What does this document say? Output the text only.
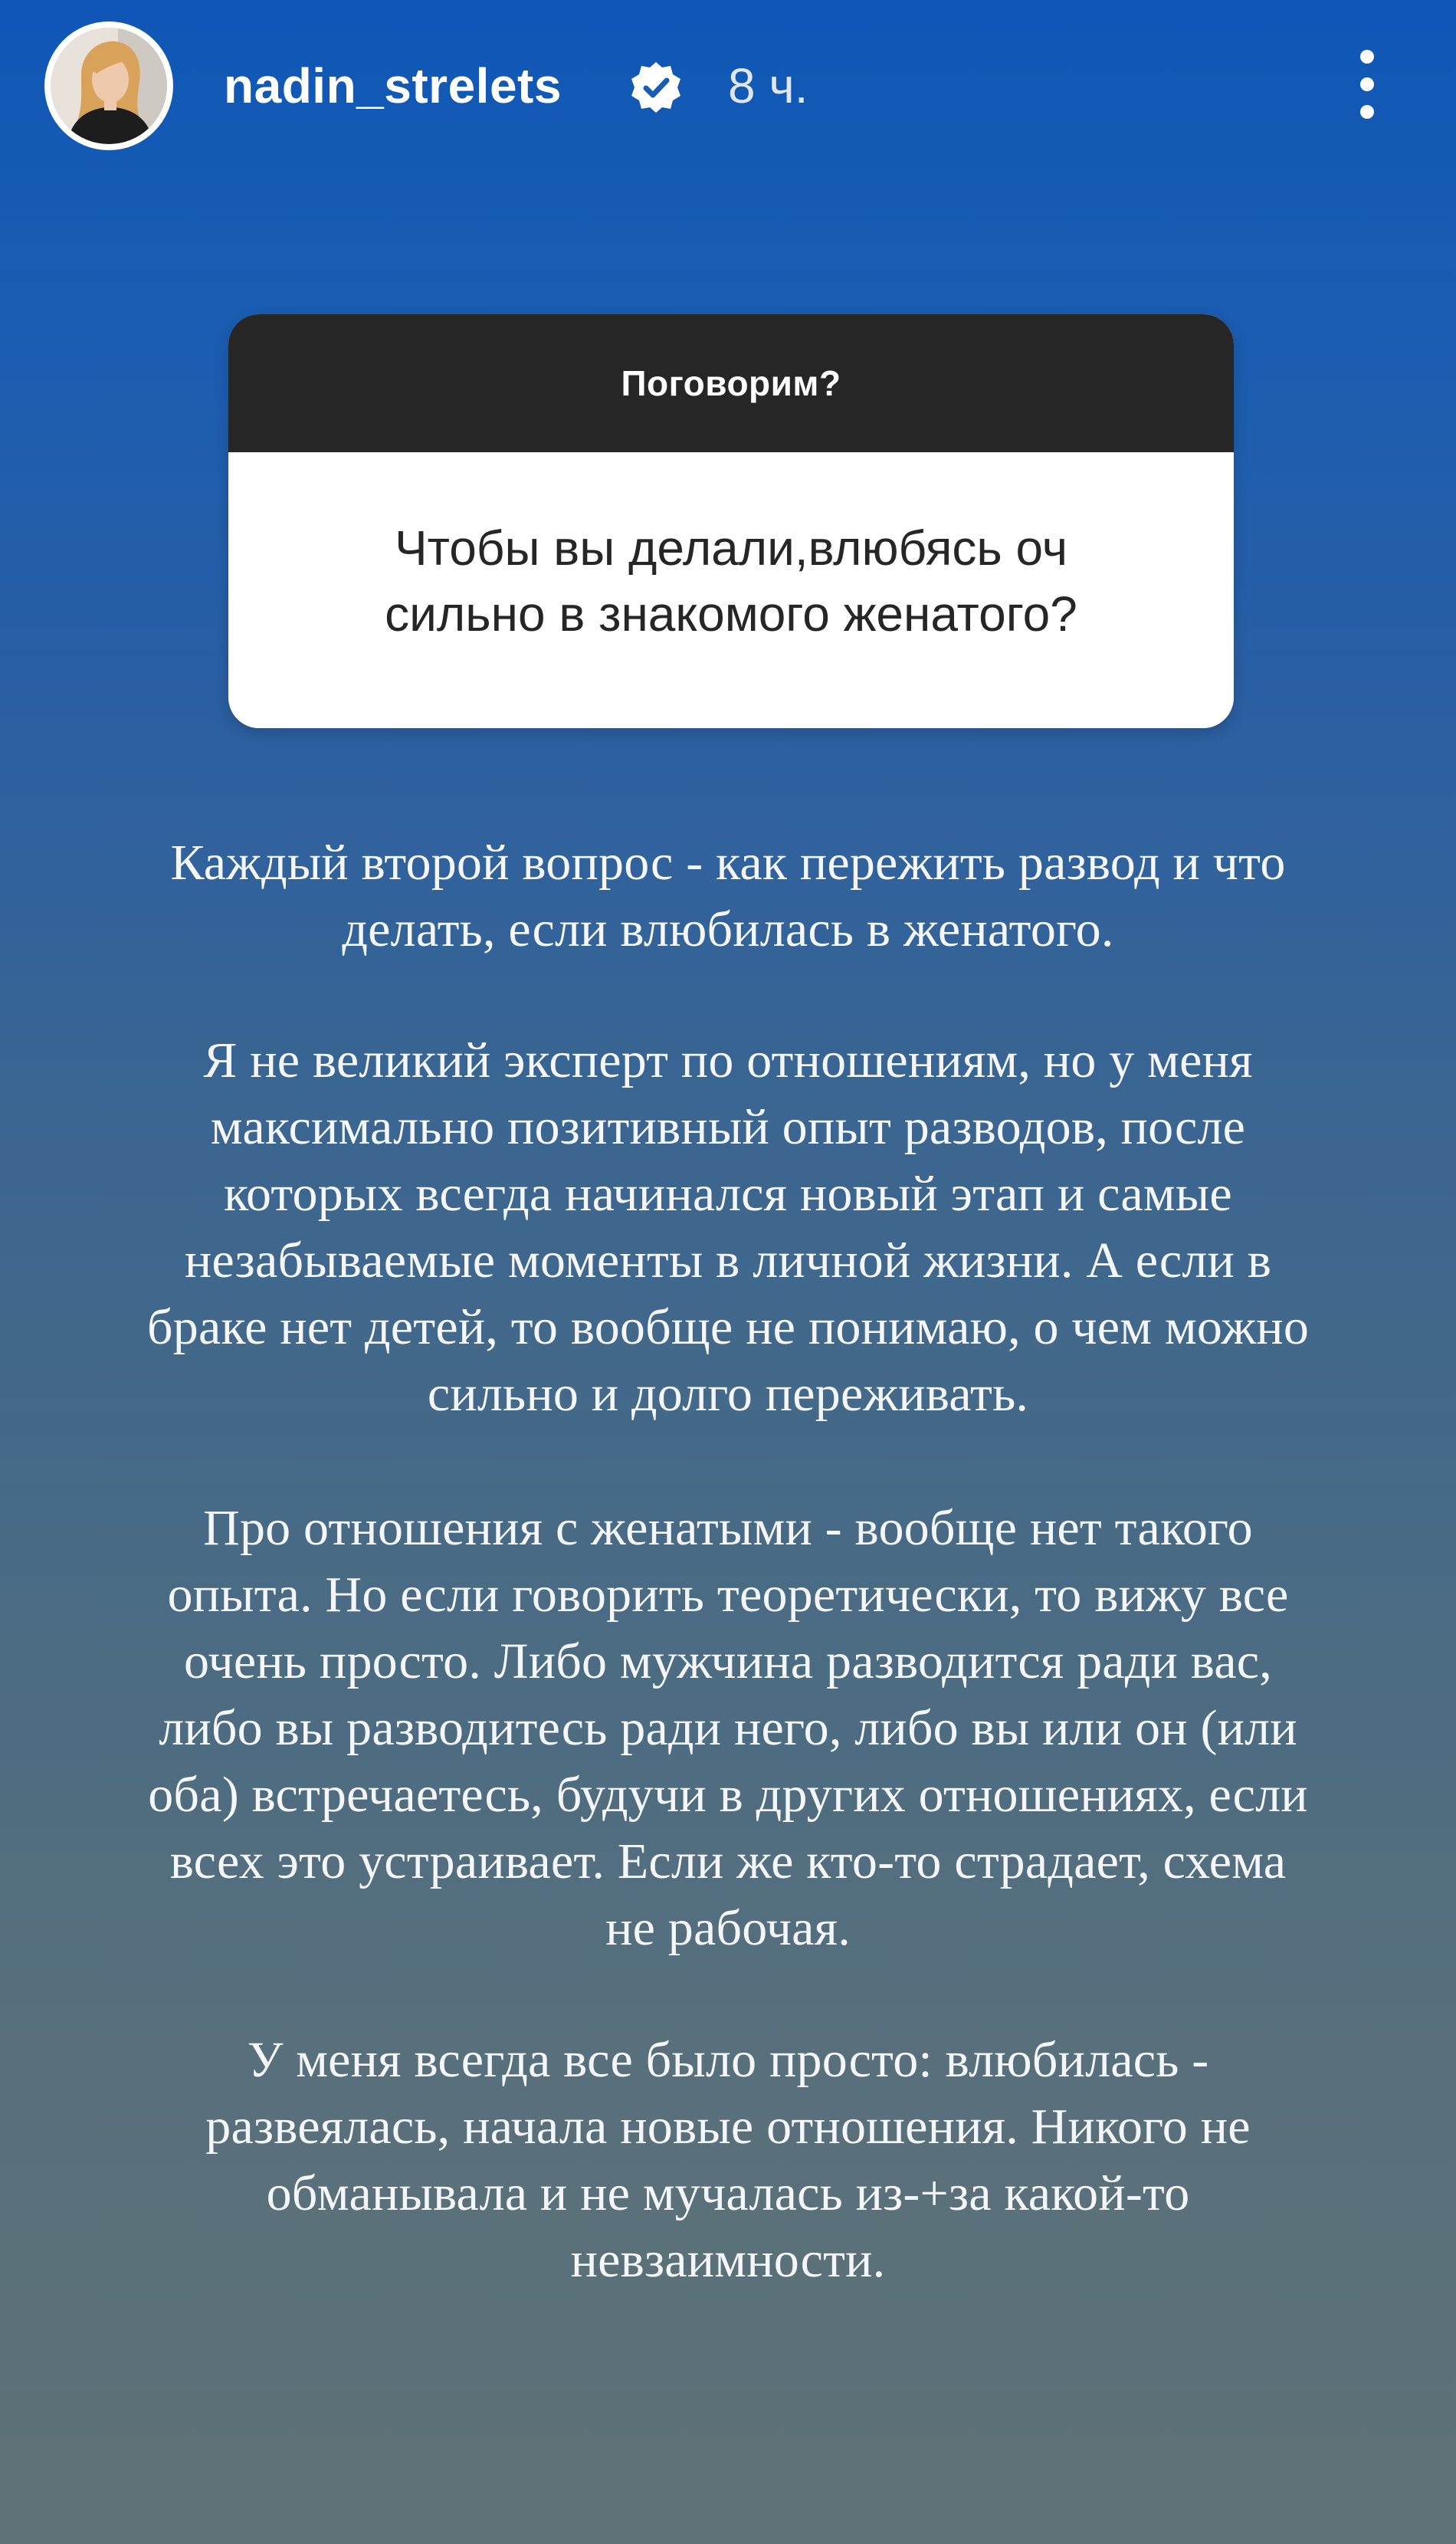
nadin_strelets	8 ч.
Поговорим?
Чтобы вы делали,влюбясь оч
сильно в знакомого женатого?
Каждый второй вопрос - как пережить развод и что
делать, если влюбилась в женатого.
Я не великий эксперт по отношениям, но у меня
максимально позитивный опыт разводов, после
которых всегда начинался новый этап и самые
незабываемые моменты в личной жизни. А если в
браке нет детей, то вообще не понимаю, о чем можно
сильно и долго переживать.
Про отношения с женатыми - вообще нет такого
опыта. Но если говорить теоретически, то вижу все
очень просто. Либо мужчина разводится ради вас,
либо вы разводитесь ради него, либо вы или он (или
оба) встречаетесь, будучи в других отношениях, если
всех это устраивает. Если же кто-то страдает, схема
не рабочая.
У меня всегда все было просто: влюбилась -
развеялась, начала новые отношения. Никого не
обманывала и не мучалась из-+за какой-то
невзаимности.
